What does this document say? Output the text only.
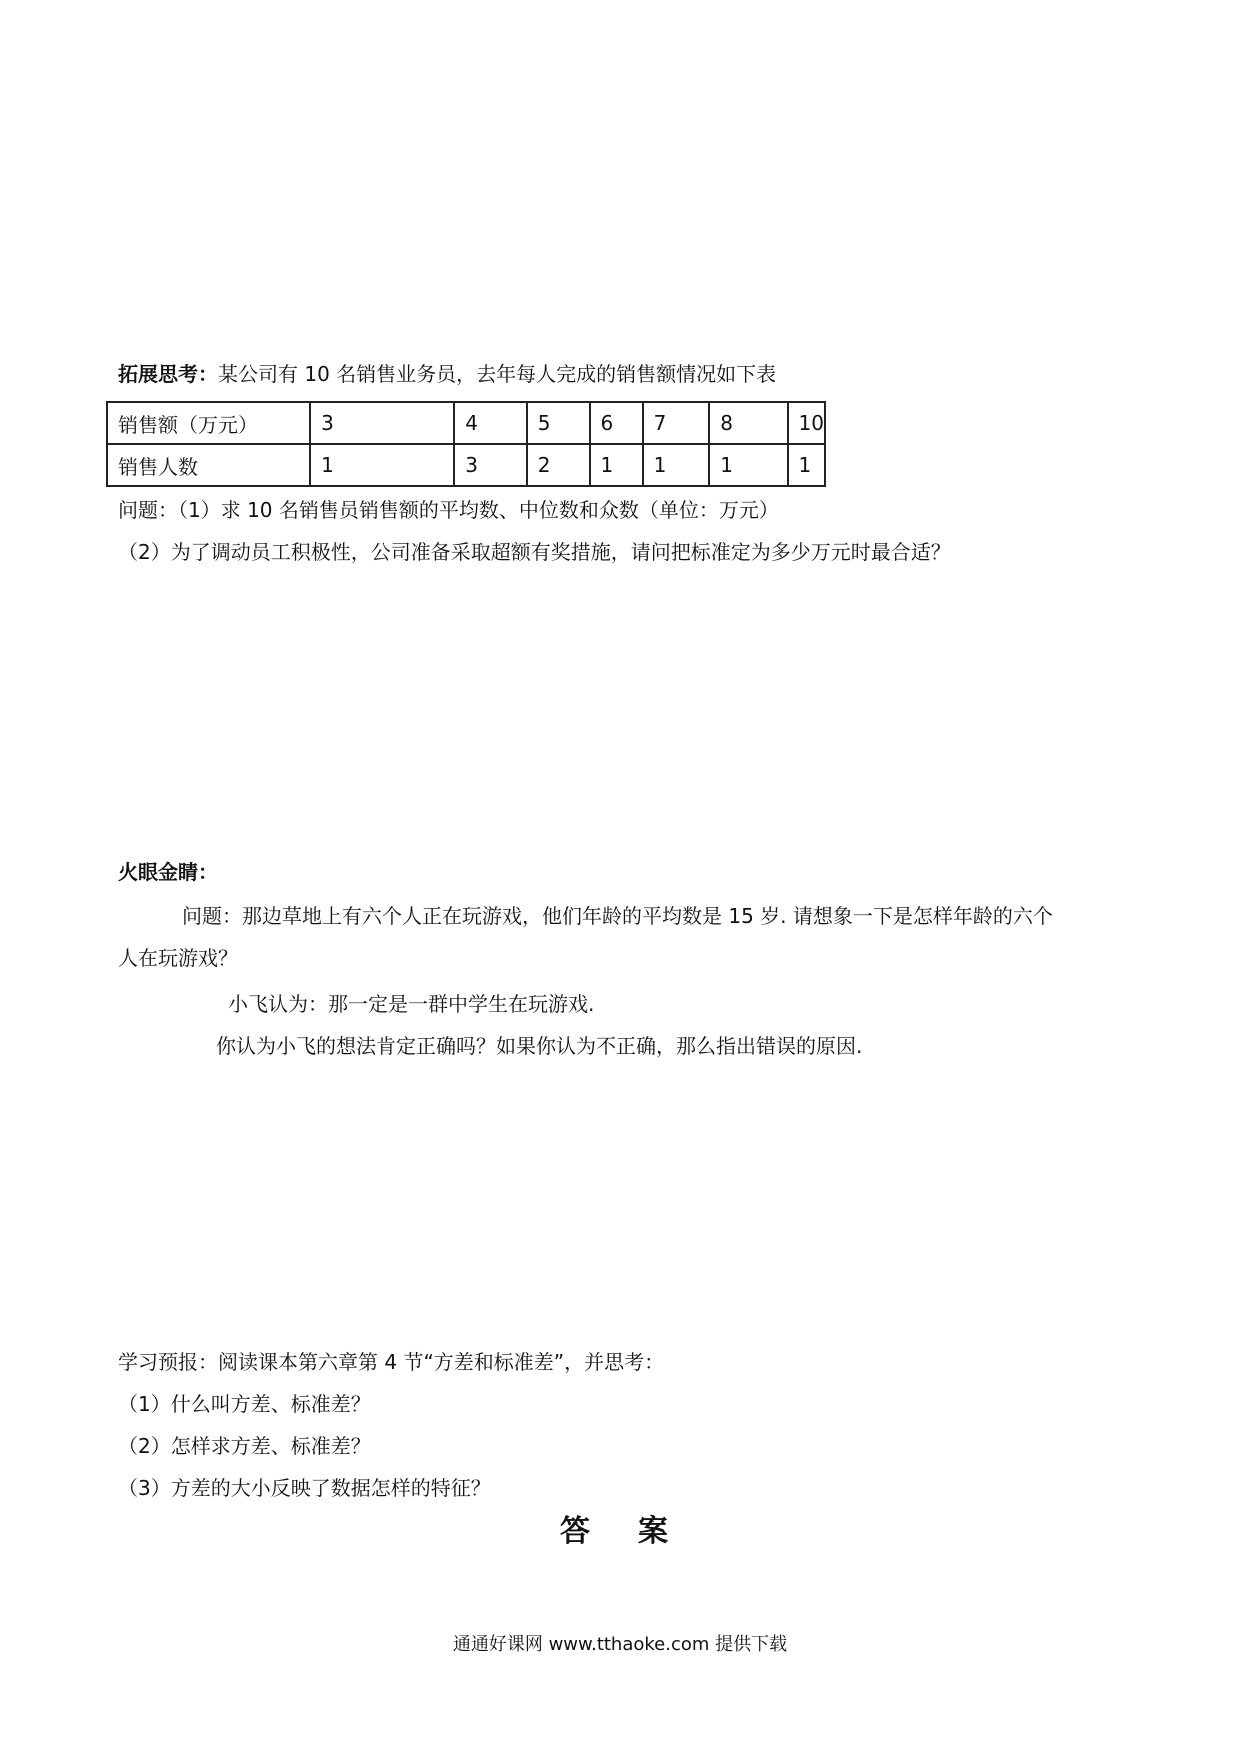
拓展思考：某公司有 10 名销售业务员，去年每人完成的销售额情况如下表
销售额（万元）	3	4	5	6	7	8	10
销售人数	1	3	2	1	1	1	1
问题：（1）求 10 名销售员销售额的平均数、中位数和众数（单位：万元）
（2）为了调动员工积极性，公司准备采取超额有奖措施，请问把标准定为多少万元时最合适？
火眼金睛：
问题：那边草地上有六个人正在玩游戏，他们年龄的平均数是 15 岁. 请想象一下是怎样年龄的六个
人在玩游戏？
小飞认为：那一定是一群中学生在玩游戏.
你认为小飞的想法肯定正确吗？如果你认为不正确，那么指出错误的原因.
学习预报：阅读课本第六章第 4 节“方差和标准差”，并思考：
（1）什么叫方差、标准差？
（2）怎样求方差、标准差？
（3）方差的大小反映了数据怎样的特征？
答案
通通好课网 www.tthaoke.com 提供下载
